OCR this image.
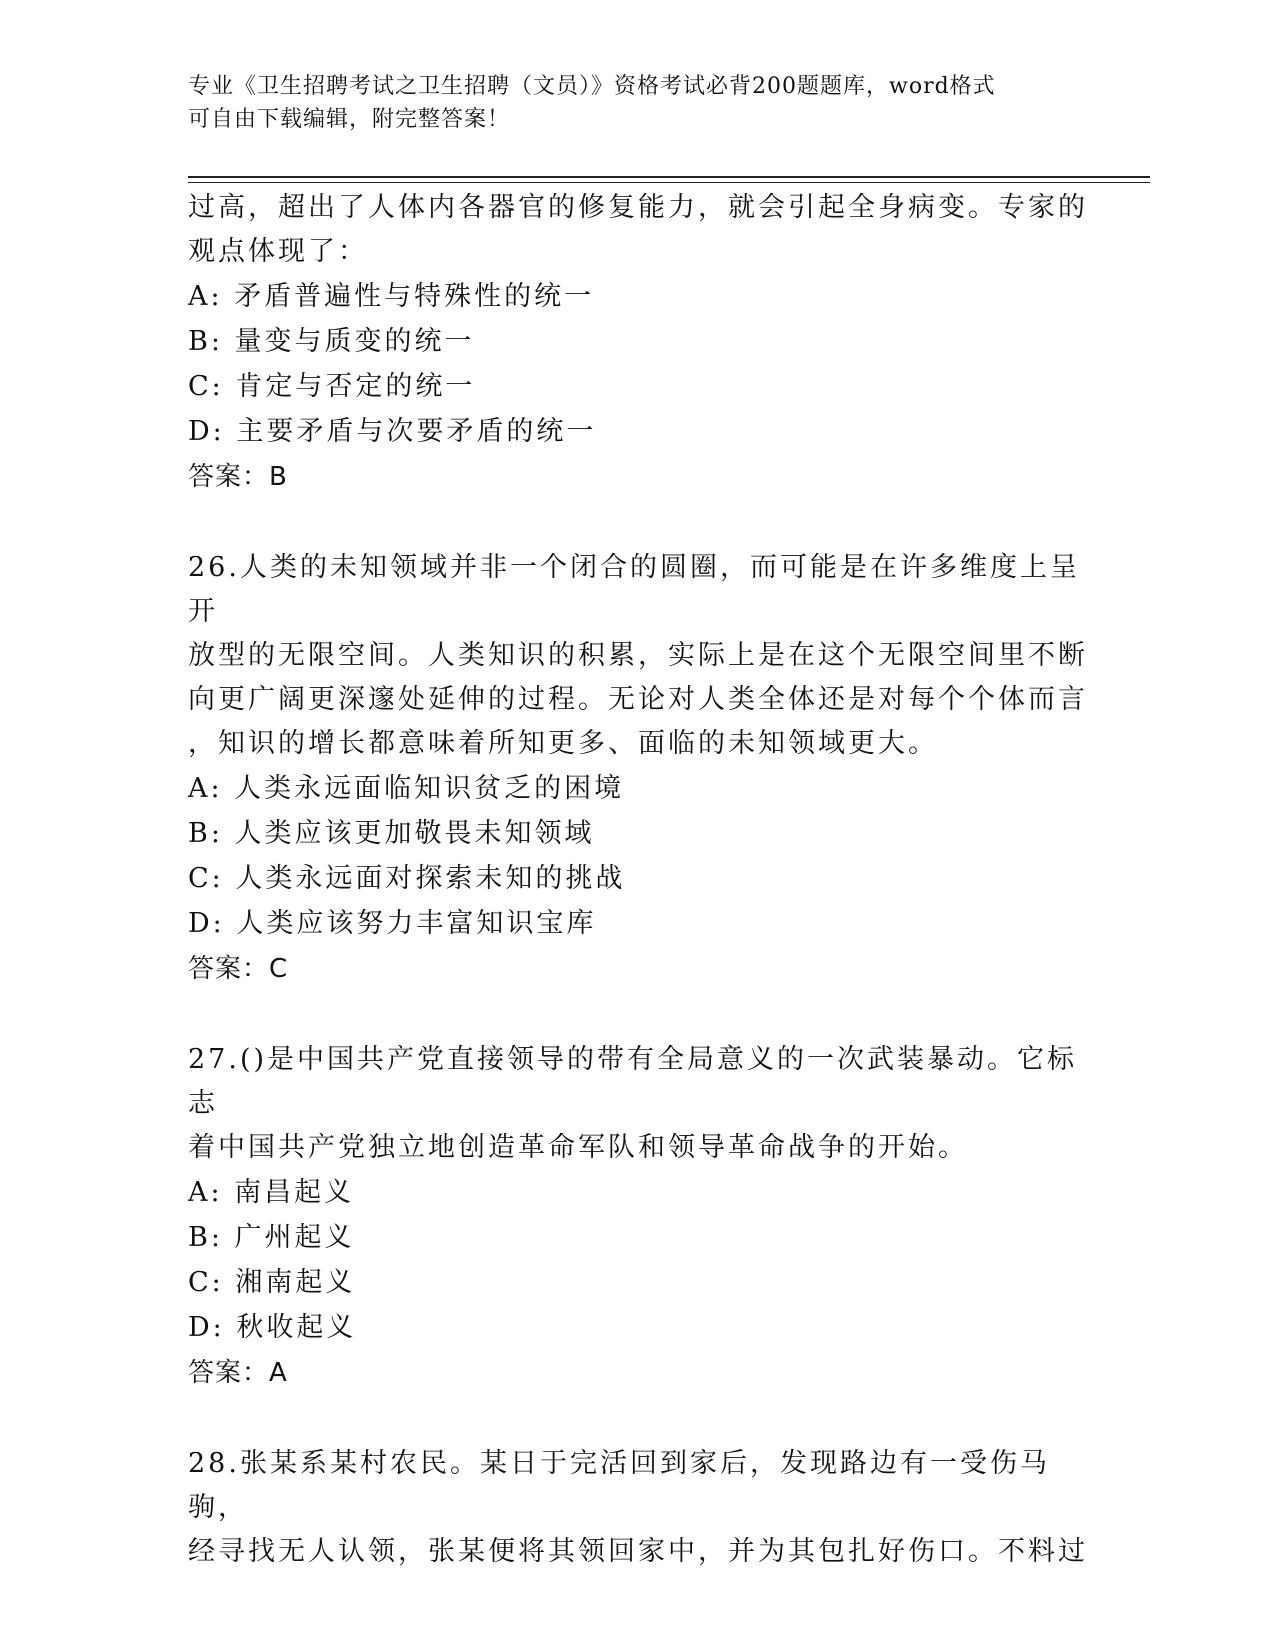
专业《卫生招聘考试之卫生招聘（文员）》资格考试必背200题题库，word格式
可自由下载编辑，附完整答案！

过高，超出了人体内各器官的修复能力，就会引起全身病变。专家的

观点体现了：

A: 矛盾普遍性与特殊性的统一

B: 量变与质变的统一

C: 肯定与否定的统一

D: 主要矛盾与次要矛盾的统一

答案：B

26.人类的未知领域并非一个闭合的圆圈，而可能是在许多维度上呈开

放型的无限空间。人类知识的积累，实际上是在这个无限空间里不断

向更广阔更深邃处延伸的过程。无论对人类全体还是对每个个体而言

，知识的增长都意味着所知更多、面临的未知领域更大。

A: 人类永远面临知识贫乏的困境

B: 人类应该更加敬畏未知领域

C: 人类永远面对探索未知的挑战

D: 人类应该努力丰富知识宝库

答案：C

27.()是中国共产党直接领导的带有全局意义的一次武装暴动。它标志

着中国共产党独立地创造革命军队和领导革命战争的开始。

A: 南昌起义

B: 广州起义

C: 湘南起义

D: 秋收起义

答案：A

28.张某系某村农民。某日于完活回到家后，发现路边有一受伤马驹，

经寻找无人认领，张某便将其领回家中，并为其包扎好伤口。不料过
